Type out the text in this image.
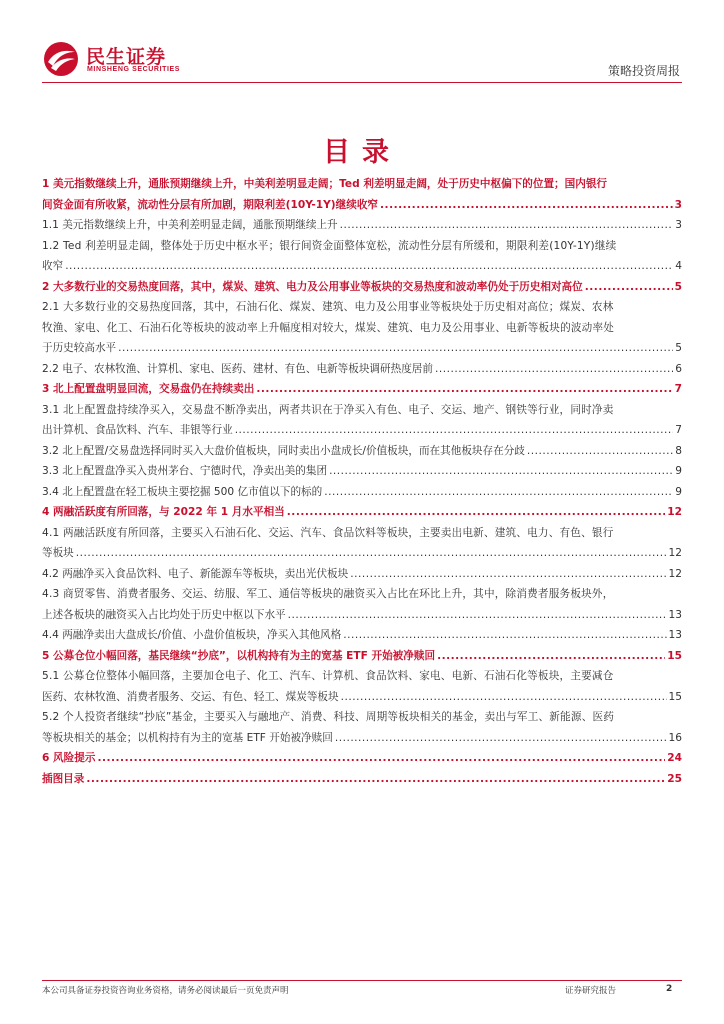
民生证券
MINSHENG SECURITIES	策略投资周报
目录
1 美元指数继续上升，通胀预期继续上升，中美利差明显走阔；Ted 利差明显走阔，处于历史中枢偏下的位置；国内银行
间资金面有所收紧，流动性分层有所加剧，期限利差(10Y-1Y)继续收窄 .....	3
1.1 美元指数继续上升，中美利差明显走阔，通胀预期继续上升 .....	3
1.2 Ted 利差明显走阔，整体处于历史中枢水平；银行间资金面整体宽松，流动性分层有所缓和，期限利差(10Y-1Y)继续
收窄 .....	4
2 大多数行业的交易热度回落，其中，煤炭、建筑、电力及公用事业等板块的交易热度和波动率仍处于历史相对高位 .....	5
2.1 大多数行业的交易热度回落，其中，石油石化、煤炭、建筑、电力及公用事业等板块处于历史相对高位；煤炭、农林
牧渔、家电、化工、石油石化等板块的波动率上升幅度相对较大，煤炭、建筑、电力及公用事业、电新等板块的波动率处
于历史较高水平 .....	5
2.2 电子、农林牧渔、计算机、家电、医药、建材、有色、电新等板块调研热度居前 .....	6
3 北上配置盘明显回流，交易盘仍在持续卖出 .....	7
3.1 北上配置盘持续净买入，交易盘不断净卖出，两者共识在于净买入有色、电子、交运、地产、钢铁等行业，同时净卖
出计算机、食品饮料、汽车、非银等行业 .....	7
3.2 北上配置/交易盘选择同时买入大盘价值板块，同时卖出小盘成长/价值板块，而在其他板块存在分歧 .....	8
3.3 北上配置盘净买入贵州茅台、宁德时代，净卖出美的集团 .....	9
3.4 北上配置盘在轻工板块主要挖掘 500 亿市值以下的标的 .....	9
4 两融活跃度有所回落，与 2022 年 1 月水平相当 .....	12
4.1 两融活跃度有所回落，主要买入石油石化、交运、汽车、食品饮料等板块，主要卖出电新、建筑、电力、有色、银行
等板块 .....	12
4.2 两融净买入食品饮料、电子、新能源车等板块，卖出光伏板块 .....	12
4.3 商贸零售、消费者服务、交运、纺服、军工、通信等板块的融资买入占比在环比上升，其中，除消费者服务板块外，
上述各板块的融资买入占比均处于历史中枢以下水平 .....	13
4.4 两融净卖出大盘成长/价值、小盘价值板块，净买入其他风格 .....	13
5 公募仓位小幅回落，基民继续“抄底”，以机构持有为主的宽基 ETF 开始被净赎回 .....	15
5.1 公募仓位整体小幅回落，主要加仓电子、化工、汽车、计算机、食品饮料、家电、电新、石油石化等板块，主要减仓
医药、农林牧渔、消费者服务、交运、有色、轻工、煤炭等板块 .....	15
5.2 个人投资者继续“抄底”基金，主要买入与融地产、消费、科技、周期等板块相关的基金，卖出与军工、新能源、医药
等板块相关的基金；以机构持有为主的宽基 ETF 开始被净赎回 .....	16
6 风险提示 .....	24
插图目录 .....	25
本公司具备证券投资咨询业务资格，请务必阅读最后一页免责声明	证券研究报告	2
